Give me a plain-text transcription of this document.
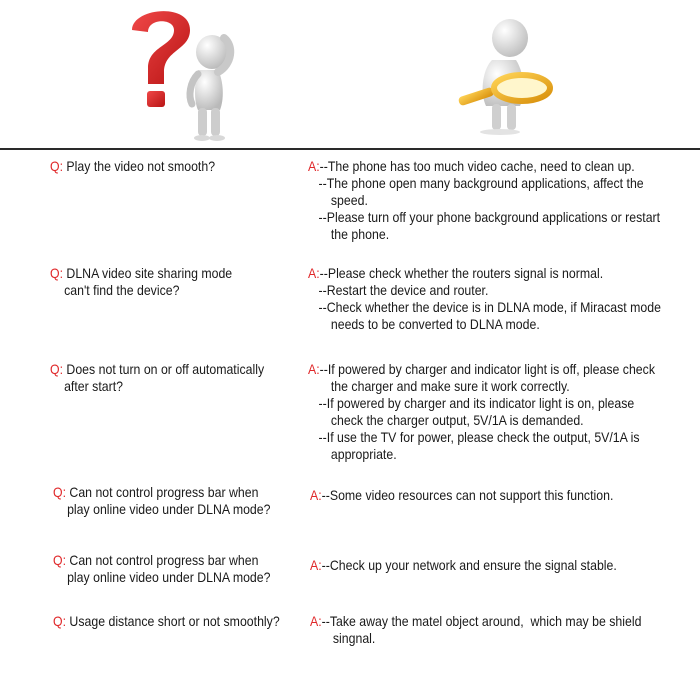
Q: Play the video not smooth?	A:--The phone has too much video cache, need to clean up.
--The phone open many background applications, affect the
speed.
--Please turn off your phone background applications or restart
the phone.
Q: DLNA video site sharing mode
can't find the device?
A:--Please check whether the routers signal is normal.
--Restart the device and router.
--Check whether the device is in DLNA mode, if Miracast mode
needs to be converted to DLNA mode.
Q: Does not turn on or off automatically
after start?
A:--If powered by charger and indicator light is off, please check
the charger and make sure it work correctly.
--If powered by charger and its indicator light is on, please
check the charger output, 5V/1A is demanded.
--If use the TV for power, please check the output, 5V/1A is
appropriate.
Q: Can not control progress bar when
play online video under DLNA mode?
A:--Some video resources can not support this function.
Q: Can not control progress bar when
play online video under DLNA mode?
A:--Check up your network and ensure the signal stable.
Q: Usage distance short or not smoothly? A:--Take away the matel object around,  which may be shield
singnal.
